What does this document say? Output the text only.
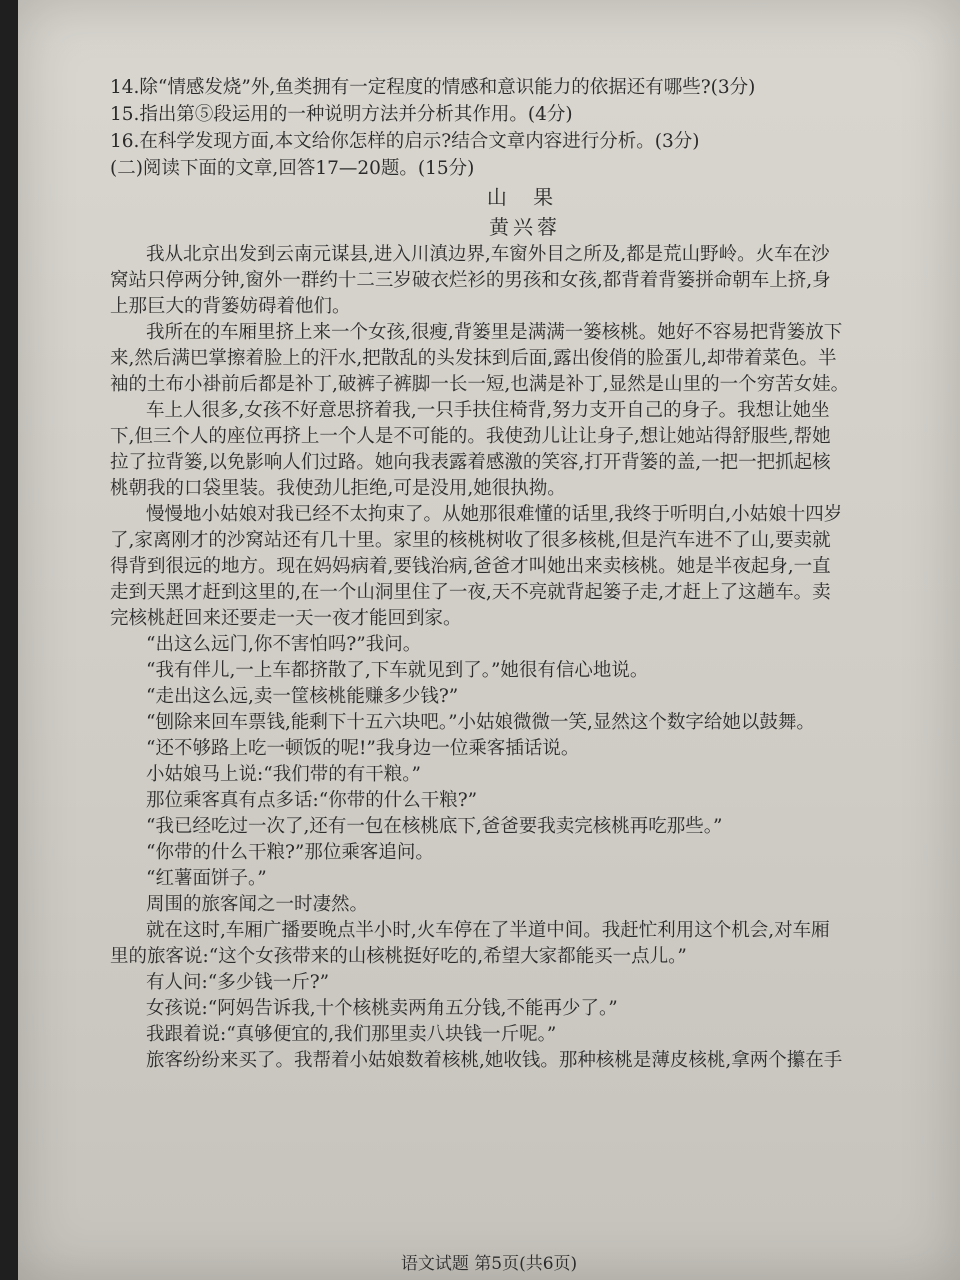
14.除“情感发烧”外,鱼类拥有一定程度的情感和意识能力的依据还有哪些?(3分)
15.指出第⑤段运用的一种说明方法并分析其作用。(4分)
16.在科学发现方面,本文给你怎样的启示?结合文章内容进行分析。(3分)
(二)阅读下面的文章,回答17—20题。(15分)
山 果
黄兴蓉
我从北京出发到云南元谋县,进入川滇边界,车窗外目之所及,都是荒山野岭。火车在沙
窝站只停两分钟,窗外一群约十二三岁破衣烂衫的男孩和女孩,都背着背篓拼命朝车上挤,身
上那巨大的背篓妨碍着他们。
我所在的车厢里挤上来一个女孩,很瘦,背篓里是满满一篓核桃。她好不容易把背篓放下
来,然后满巴掌擦着脸上的汗水,把散乱的头发抹到后面,露出俊俏的脸蛋儿,却带着菜色。半
袖的土布小褂前后都是补丁,破裤子裤脚一长一短,也满是补丁,显然是山里的一个穷苦女娃。
车上人很多,女孩不好意思挤着我,一只手扶住椅背,努力支开自己的身子。我想让她坐
下,但三个人的座位再挤上一个人是不可能的。我使劲儿让让身子,想让她站得舒服些,帮她
拉了拉背篓,以免影响人们过路。她向我表露着感激的笑容,打开背篓的盖,一把一把抓起核
桃朝我的口袋里装。我使劲儿拒绝,可是没用,她很执拗。
慢慢地小姑娘对我已经不太拘束了。从她那很难懂的话里,我终于听明白,小姑娘十四岁
了,家离刚才的沙窝站还有几十里。家里的核桃树收了很多核桃,但是汽车进不了山,要卖就
得背到很远的地方。现在妈妈病着,要钱治病,爸爸才叫她出来卖核桃。她是半夜起身,一直
走到天黑才赶到这里的,在一个山洞里住了一夜,天不亮就背起篓子走,才赶上了这趟车。卖
完核桃赶回来还要走一天一夜才能回到家。
“出这么远门,你不害怕吗?”我问。
“我有伴儿,一上车都挤散了,下车就见到了。”她很有信心地说。
“走出这么远,卖一筐核桃能赚多少钱?”
“刨除来回车票钱,能剩下十五六块吧。”小姑娘微微一笑,显然这个数字给她以鼓舞。
“还不够路上吃一顿饭的呢!”我身边一位乘客插话说。
小姑娘马上说:“我们带的有干粮。”
那位乘客真有点多话:“你带的什么干粮?”
“我已经吃过一次了,还有一包在核桃底下,爸爸要我卖完核桃再吃那些。”
“你带的什么干粮?”那位乘客追问。
“红薯面饼子。”
周围的旅客闻之一时凄然。
就在这时,车厢广播要晚点半小时,火车停在了半道中间。我赶忙利用这个机会,对车厢
里的旅客说:“这个女孩带来的山核桃挺好吃的,希望大家都能买一点儿。”
有人问:“多少钱一斤?”
女孩说:“阿妈告诉我,十个核桃卖两角五分钱,不能再少了。”
我跟着说:“真够便宜的,我们那里卖八块钱一斤呢。”
旅客纷纷来买了。我帮着小姑娘数着核桃,她收钱。那种核桃是薄皮核桃,拿两个攥在手
语文试题 第5页(共6页)
